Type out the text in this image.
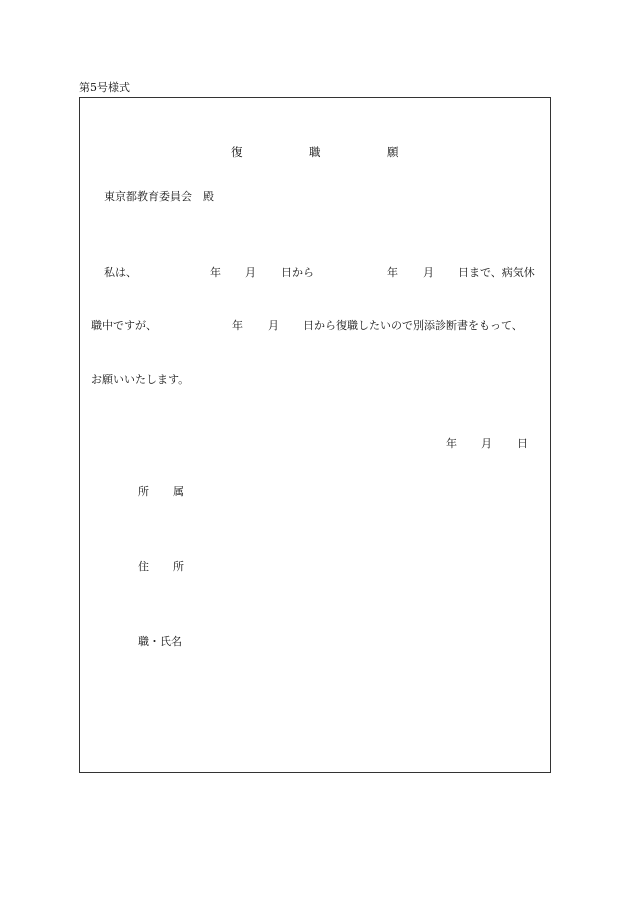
第5号様式
復	職	願
東京都教育委員会　殿
私は、	年 月 日から	年 月 日まで、病気休
職中ですが、	年 月 日から復職したいので別添診断書をもって、
お願いいたします。
年 月 日
所 属
住 所
職・氏名
